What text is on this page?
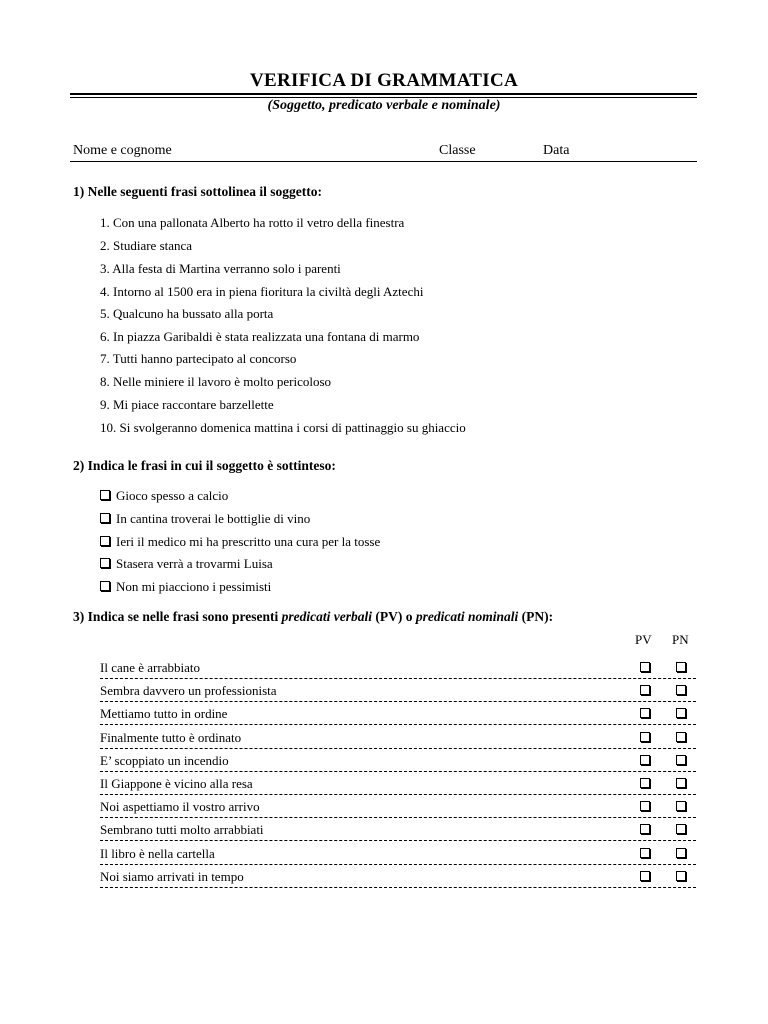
VERIFICA DI GRAMMATICA
(Soggetto, predicato verbale e nominale)
Nome e cognome	Classe	Data
1) Nelle seguenti frasi sottolinea il soggetto:
1. Con una pallonata Alberto ha rotto il vetro della finestra
2. Studiare stanca
3. Alla festa di Martina verranno solo i parenti
4. Intorno al 1500 era in piena fioritura la civiltà degli Aztechi
5. Qualcuno ha bussato alla porta
6. In piazza Garibaldi è stata realizzata una fontana di marmo
7. Tutti hanno partecipato al concorso
8. Nelle miniere il lavoro è molto pericoloso
9. Mi piace raccontare barzellette
10. Si svolgeranno domenica mattina i corsi di pattinaggio su ghiaccio
2) Indica le frasi in cui il soggetto è sottinteso:
Gioco spesso a calcio
In cantina troverai le bottiglie di vino
Ieri il medico mi ha prescritto una cura per la tosse
Stasera verrà a trovarmi Luisa
Non mi piacciono i pessimisti
3) Indica se nelle frasi sono presenti predicati verbali (PV) o predicati nominali (PN):
PV PN
Il cane è arrabbiato
Sembra davvero un professionista
Mettiamo tutto in ordine
Finalmente tutto è ordinato
E’ scoppiato un incendio
Il Giappone è vicino alla resa
Noi aspettiamo il vostro arrivo
Sembrano tutti molto arrabbiati
Il libro è nella cartella
Noi siamo arrivati in tempo
